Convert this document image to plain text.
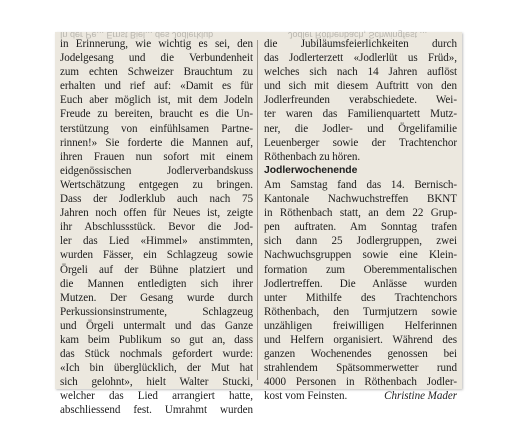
In der Pe... Ernst Biel... des Jodlerklub	Jodler Röthenbach, Schwingfest ...
in Erinnerung, wie wichtig es sei, den
Jodelgesang und die Verbundenheit
zum echten Schweizer Brauchtum zu
erhalten und rief auf: «Damit es für
Euch aber möglich ist, mit dem Jodeln
Freude zu bereiten, braucht es die Un-
terstützung von einfühlsamen Partne-
rinnen!» Sie forderte die Mannen auf,
ihren Frauen nun sofort mit einem
eidgenössischen Jodlerverbandskuss
Wertschätzung entgegen zu bringen.
Dass der Jodlerklub auch nach 75
Jahren noch offen für Neues ist, zeigte
ihr Abschlussstück. Bevor die Jod-
ler das Lied «Himmel» anstimmten,
wurden Fässer, ein Schlagzeug sowie
Örgeli auf der Bühne platziert und
die Mannen entledigten sich ihrer
Mutzen. Der Gesang wurde durch
Perkussionsinstrumente, Schlagzeug
und Örgeli untermalt und das Ganze
kam beim Publikum so gut an, dass
das Stück nochmals gefordert wurde:
«Ich bin überglücklich, der Mut hat
sich gelohnt», hielt Walter Stucki,
welcher das Lied arrangiert hatte,
abschliessend fest. Umrahmt wurden
die Jubiläumsfeierlichkeiten durch
das Jodlerterzett «Jodlerlüt us Früd»,
welches sich nach 14 Jahren auflöst
und sich mit diesem Auftritt von den
Jodlerfreunden verabschiedete. Wei-
ter waren das Familienquartett Mutz-
ner, die Jodler- und Örgelifamilie
Leuenberger sowie der Trachtenchor
Röthenbach zu hören.
Jodlerwochenende
Am Samstag fand das 14. Bernisch-
Kantonale Nachwuchstreffen BKNT
in Röthenbach statt, an dem 22 Grup-
pen auftraten. Am Sonntag trafen
sich dann 25 Jodlergruppen, zwei
Nachwuchsgruppen sowie eine Klein-
formation zum Oberemmentalischen
Jodlertreffen. Die Anlässe wurden
unter Mithilfe des Trachtenchors
Röthenbach, den Turmjutzern sowie
unzähligen freiwilligen Helferinnen
und Helfern organisiert. Während des
ganzen Wochenendes genossen bei
strahlendem Spätsommerwetter rund
4000 Personen in Röthenbach Jodler-
kost vom Feinsten.	Christine Mader
